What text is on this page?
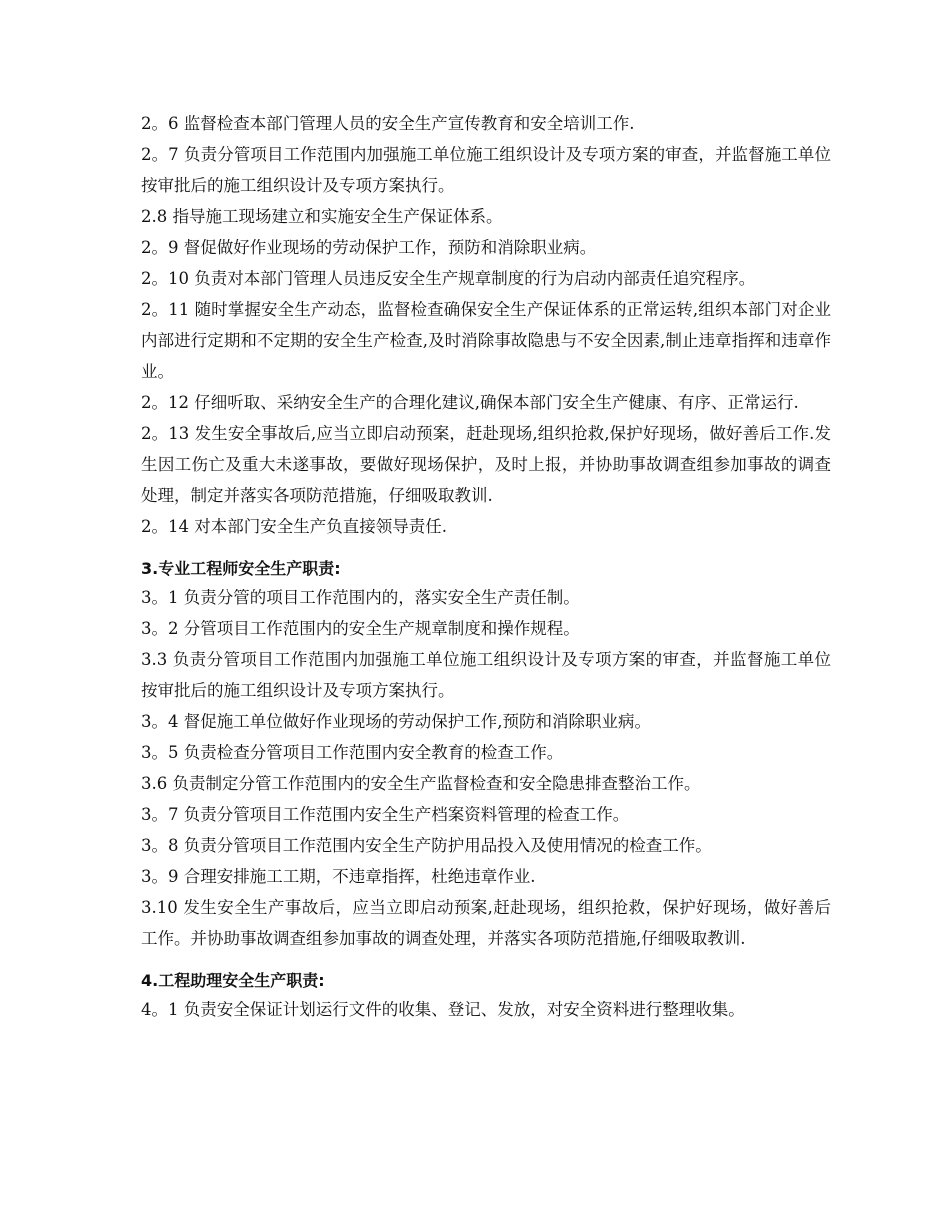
2。6 监督检查本部门管理人员的安全生产宣传教育和安全培训工作.

2。7 负责分管项目工作范围内加强施工单位施工组织设计及专项方案的审查，并监督施工单位按审批后的施工组织设计及专项方案执行。

2.8 指导施工现场建立和实施安全生产保证体系。

2。9 督促做好作业现场的劳动保护工作，预防和消除职业病。

2。10 负责对本部门管理人员违反安全生产规章制度的行为启动内部责任追究程序。

2。11 随时掌握安全生产动态，监督检查确保安全生产保证体系的正常运转,组织本部门对企业内部进行定期和不定期的安全生产检查,及时消除事故隐患与不安全因素,制止违章指挥和违章作业。

2。12 仔细听取、采纳安全生产的合理化建议,确保本部门安全生产健康、有序、正常运行.

2。13 发生安全事故后,应当立即启动预案，赶赴现场,组织抢救,保护好现场，做好善后工作.发生因工伤亡及重大未遂事故，要做好现场保护，及时上报，并协助事故调查组参加事故的调查处理，制定并落实各项防范措施，仔细吸取教训.

2。14 对本部门安全生产负直接领导责任.

3.专业工程师安全生产职责:

3。1 负责分管的项目工作范围内的，落实安全生产责任制。

3。2 分管项目工作范围内的安全生产规章制度和操作规程。

3.3 负责分管项目工作范围内加强施工单位施工组织设计及专项方案的审查，并监督施工单位按审批后的施工组织设计及专项方案执行。

3。4 督促施工单位做好作业现场的劳动保护工作,预防和消除职业病。

3。5 负责检查分管项目工作范围内安全教育的检查工作。

3.6 负责制定分管工作范围内的安全生产监督检查和安全隐患排查整治工作。

3。7 负责分管项目工作范围内安全生产档案资料管理的检查工作。

3。8 负责分管项目工作范围内安全生产防护用品投入及使用情况的检查工作。

3。9 合理安排施工工期，不违章指挥，杜绝违章作业.

3.10 发生安全生产事故后，应当立即启动预案,赶赴现场，组织抢救，保护好现场，做好善后工作。并协助事故调查组参加事故的调查处理，并落实各项防范措施,仔细吸取教训.

4.工程助理安全生产职责:

4。1 负责安全保证计划运行文件的收集、登记、发放，对安全资料进行整理收集。
